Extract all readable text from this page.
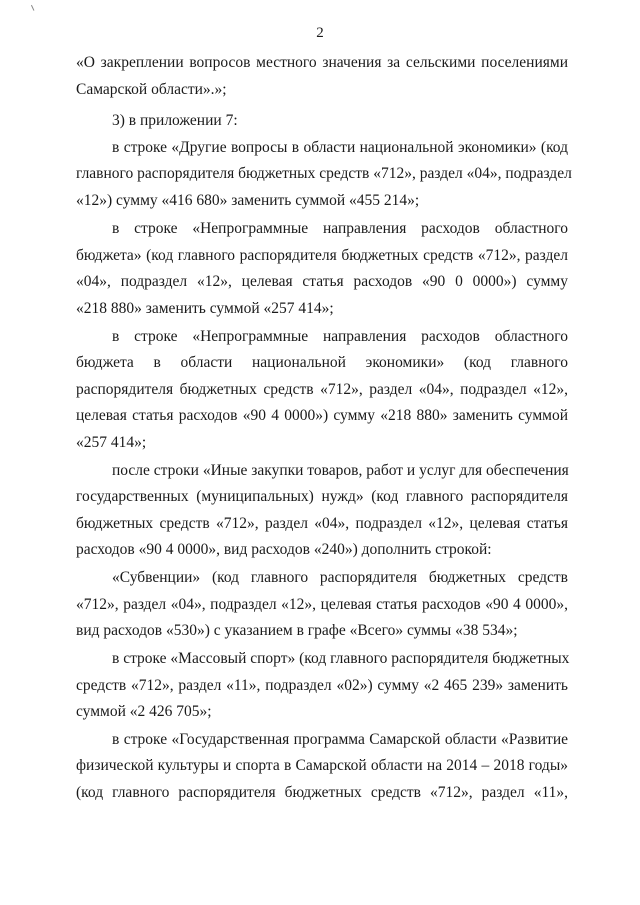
2
«О закреплении вопросов местного значения за сельскими поселениями
Самарской области».»;
3) в приложении 7:
в строке «Другие вопросы в области национальной экономики» (код
главного распорядителя бюджетных средств «712», раздел «04», подраздел
«12») сумму «416 680» заменить суммой «455 214»;
в строке «Непрограммные направления расходов областного
бюджета» (код главного распорядителя бюджетных средств «712», раздел
«04», подраздел «12», целевая статья расходов «90 0 0000») сумму
«218 880» заменить суммой «257 414»;
в строке «Непрограммные направления расходов областного
бюджета в области национальной экономики» (код главного
распорядителя бюджетных средств «712», раздел «04», подраздел «12»,
целевая статья расходов «90 4 0000») сумму «218 880» заменить суммой
«257 414»;
после строки «Иные закупки товаров, работ и услуг для обеспечения
государственных (муниципальных) нужд» (код главного распорядителя
бюджетных средств «712», раздел «04», подраздел «12», целевая статья
расходов «90 4 0000», вид расходов «240») дополнить строкой:
«Субвенции» (код главного распорядителя бюджетных средств
«712», раздел «04», подраздел «12», целевая статья расходов «90 4 0000»,
вид расходов «530») с указанием в графе «Всего» суммы «38 534»;
в строке «Массовый спорт» (код главного распорядителя бюджетных
средств «712», раздел «11», подраздел «02») сумму «2 465 239» заменить
суммой «2 426 705»;
в строке «Государственная программа Самарской области «Развитие
физической культуры и спорта в Самарской области на 2014 – 2018 годы»
(код главного распорядителя бюджетных средств «712», раздел «11»,
